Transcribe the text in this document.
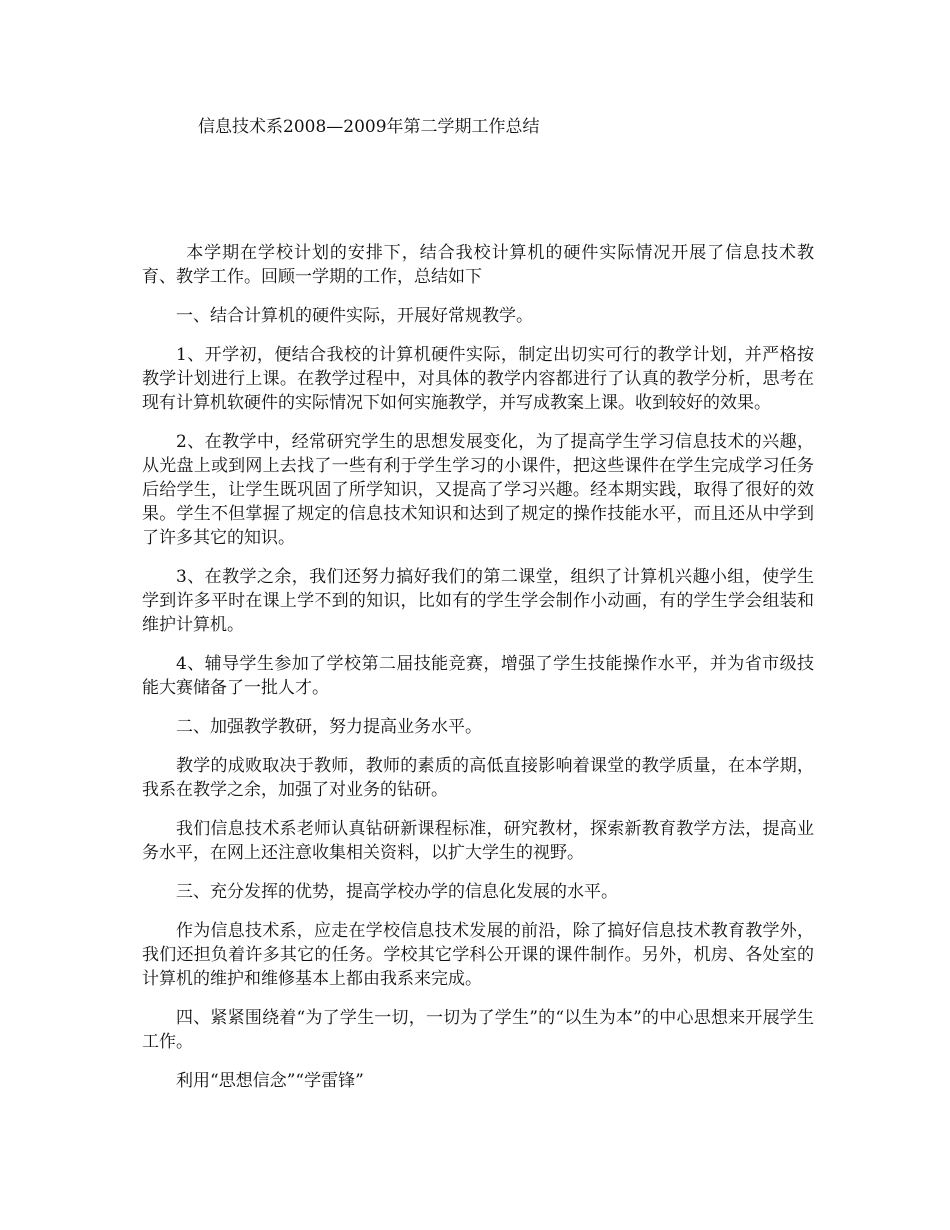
信息技术系2008—2009年第二学期工作总结

本学期在学校计划的安排下，结合我校计算机的硬件实际情况开展了信息技术教育、教学工作。回顾一学期的工作，总结如下

一、结合计算机的硬件实际，开展好常规教学。

1、开学初，便结合我校的计算机硬件实际，制定出切实可行的教学计划，并严格按教学计划进行上课。在教学过程中，对具体的教学内容都进行了认真的教学分析，思考在现有计算机软硬件的实际情况下如何实施教学，并写成教案上课。收到较好的效果。

2、在教学中，经常研究学生的思想发展变化，为了提高学生学习信息技术的兴趣，从光盘上或到网上去找了一些有利于学生学习的小课件，把这些课件在学生完成学习任务后给学生，让学生既巩固了所学知识，又提高了学习兴趣。经本期实践，取得了很好的效果。学生不但掌握了规定的信息技术知识和达到了规定的操作技能水平，而且还从中学到了许多其它的知识。

3、在教学之余，我们还努力搞好我们的第二课堂，组织了计算机兴趣小组，使学生学到许多平时在课上学不到的知识，比如有的学生学会制作小动画，有的学生学会组装和维护计算机。

4、辅导学生参加了学校第二届技能竞赛，增强了学生技能操作水平，并为省市级技能大赛储备了一批人才。

二、加强教学教研，努力提高业务水平。

教学的成败取决于教师，教师的素质的高低直接影响着课堂的教学质量，在本学期，我系在教学之余，加强了对业务的钻研。

我们信息技术系老师认真钻研新课程标准，研究教材，探索新教育教学方法，提高业务水平，在网上还注意收集相关资料，以扩大学生的视野。

三、充分发挥的优势，提高学校办学的信息化发展的水平。

作为信息技术系，应走在学校信息技术发展的前沿，除了搞好信息技术教育教学外，我们还担负着许多其它的任务。学校其它学科公开课的课件制作。另外，机房、各处室的计算机的维护和维修基本上都由我系来完成。

四、紧紧围绕着“为了学生一切，一切为了学生”的“以生为本”的中心思想来开展学生工作。

利用“思想信念”“学雷锋”
